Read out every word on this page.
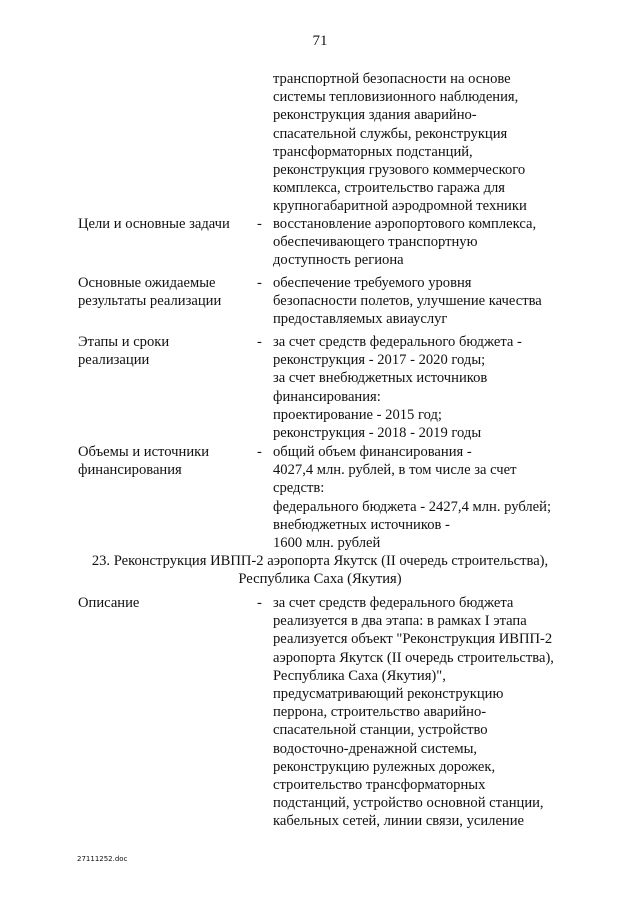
71
транспортной безопасности на основе
системы тепловизионного наблюдения,
реконструкция здания аварийно-
спасательной службы, реконструкция
трансформаторных подстанций,
реконструкция грузового коммерческого
комплекса, строительство гаража для
крупногабаритной аэродромной техники
Цели и основные задачи	- восстановление аэропортового комплекса,
обеспечивающего транспортную
доступность региона
Основные ожидаемые
результаты реализации
- обеспечение требуемого уровня
безопасности полетов, улучшение качества
предоставляемых авиауслуг
Этапы и сроки
реализации
- за счет средств федерального бюджета -
реконструкция - 2017 - 2020 годы;
за счет внебюджетных источников
финансирования:
проектирование - 2015 год;
реконструкция - 2018 - 2019 годы
Объемы и источники
финансирования
- общий объем финансирования -
4027,4 млн. рублей, в том числе за счет
средств:
федерального бюджета - 2427,4 млн. рублей;
внебюджетных источников -
1600 млн. рублей
23. Реконструкция ИВПП-2 аэропорта Якутск (II очередь строительства),
Республика Саха (Якутия)
Описание	- за счет средств федерального бюджета
реализуется в два этапа: в рамках I этапа
реализуется объект "Реконструкция ИВПП-2
аэропорта Якутск (II очередь строительства),
Республика Саха (Якутия)",
предусматривающий реконструкцию
перрона, строительство аварийно-
спасательной станции, устройство
водосточно-дренажной системы,
реконструкцию рулежных дорожек,
строительство трансформаторных
подстанций, устройство основной станции,
кабельных сетей, линии связи, усиление
27111252.doc
